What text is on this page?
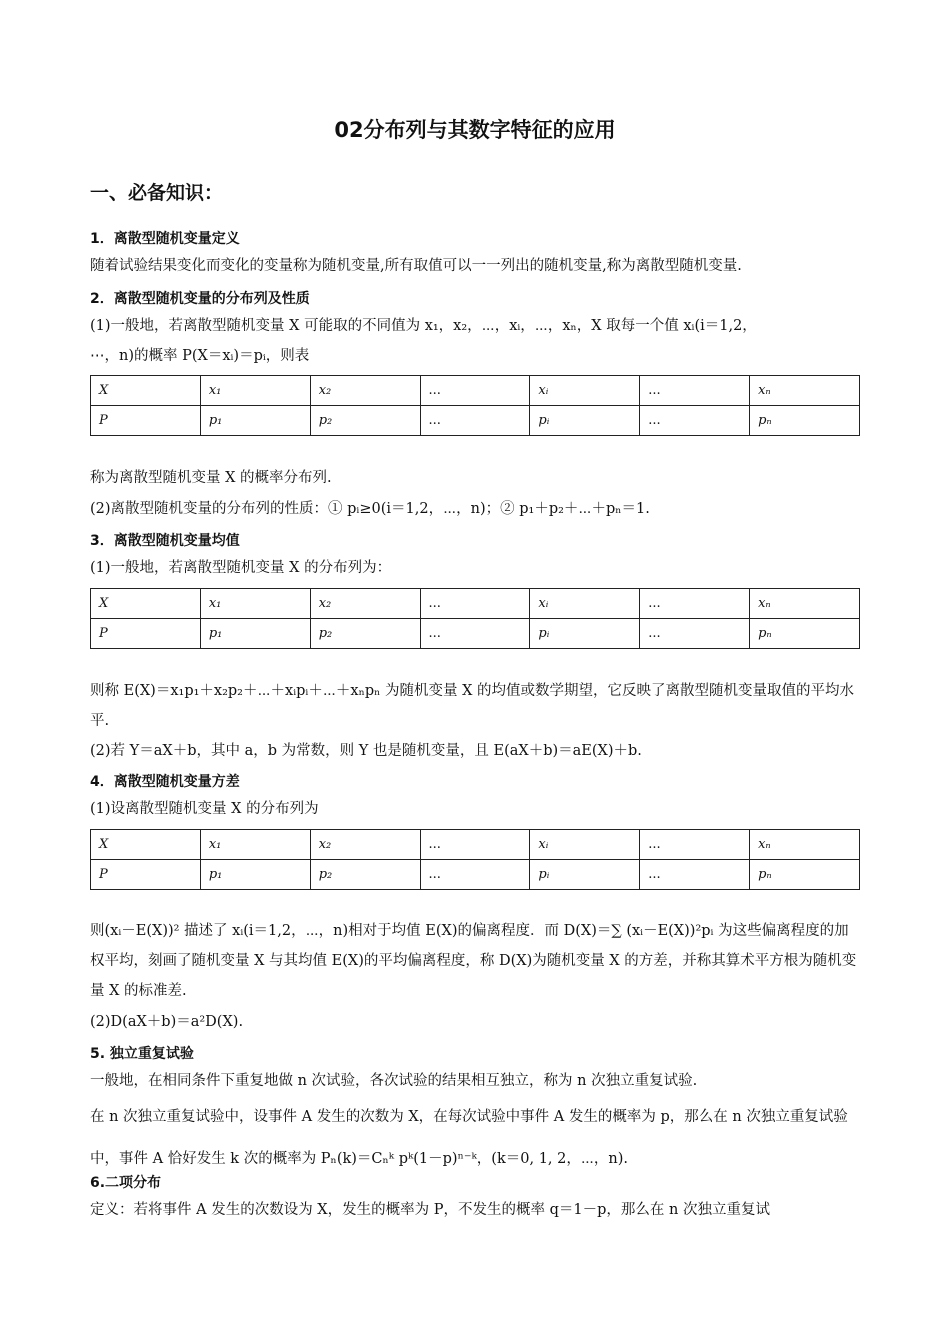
02分布列与其数字特征的应用
一、必备知识：
1．离散型随机变量定义
随着试验结果变化而变化的变量称为随机变量,所有取值可以一一列出的随机变量,称为离散型随机变量.
2．离散型随机变量的分布列及性质
(1)一般地，若离散型随机变量 X 可能取的不同值为 x₁，x₂，⋯，xᵢ，⋯，xₙ，X 取每一个值 xᵢ(i＝1,2，
⋯，n)的概率 P(X＝xᵢ)＝pᵢ，则表
X	x₁	x₂	...	xᵢ	...	xₙ
P	p₁	p₂	...	pᵢ	...	pₙ
称为离散型随机变量 X 的概率分布列.
(2)离散型随机变量的分布列的性质：① pᵢ≥0(i＝1,2，⋯，n)；② p₁＋p₂＋⋯＋pₙ＝1.
3．离散型随机变量均值
(1)一般地，若离散型随机变量 X 的分布列为：
X	x₁	x₂	...	xᵢ	...	xₙ
P	p₁	p₂	...	pᵢ	...	pₙ
则称 E(X)＝x₁p₁＋x₂p₂＋⋯＋xᵢpᵢ＋⋯＋xₙpₙ 为随机变量 X 的均值或数学期望，它反映了离散型随机变量取值的平均水平.
(2)若 Y＝aX＋b，其中 a，b 为常数，则 Y 也是随机变量，且 E(aX＋b)＝aE(X)＋b.
4．离散型随机变量方差
(1)设离散型随机变量 X 的分布列为
X	x₁	x₂	...	xᵢ	...	xₙ
P	p₁	p₂	...	pᵢ	...	pₙ
则(xᵢ－E(X))² 描述了 xᵢ(i＝1,2，⋯，n)相对于均值 E(X)的偏离程度．而 D(X)＝∑ (xᵢ－E(X))²pᵢ 为这些偏离程度的加权平均，刻画了随机变量 X 与其均值 E(X)的平均偏离程度，称 D(X)为随机变量 X 的方差，并称其算术平方根为随机变量 X 的标准差.
(2)D(aX＋b)＝a²D(X).
5. 独立重复试验
一般地，在相同条件下重复地做 n 次试验，各次试验的结果相互独立，称为 n 次独立重复试验.
在 n 次独立重复试验中，设事件 A 发生的次数为 X，在每次试验中事件 A 发生的概率为 p，那么在 n 次独立重复试验中，事件 A 恰好发生 k 次的概率为 Pₙ(k)＝Cₙᵏ pᵏ(1－p)ⁿ⁻ᵏ，(k＝0, 1, 2，⋯，n).
6.二项分布
定义：若将事件 A 发生的次数设为 X，发生的概率为 P，不发生的概率 q＝1－p，那么在 n 次独立重复试
